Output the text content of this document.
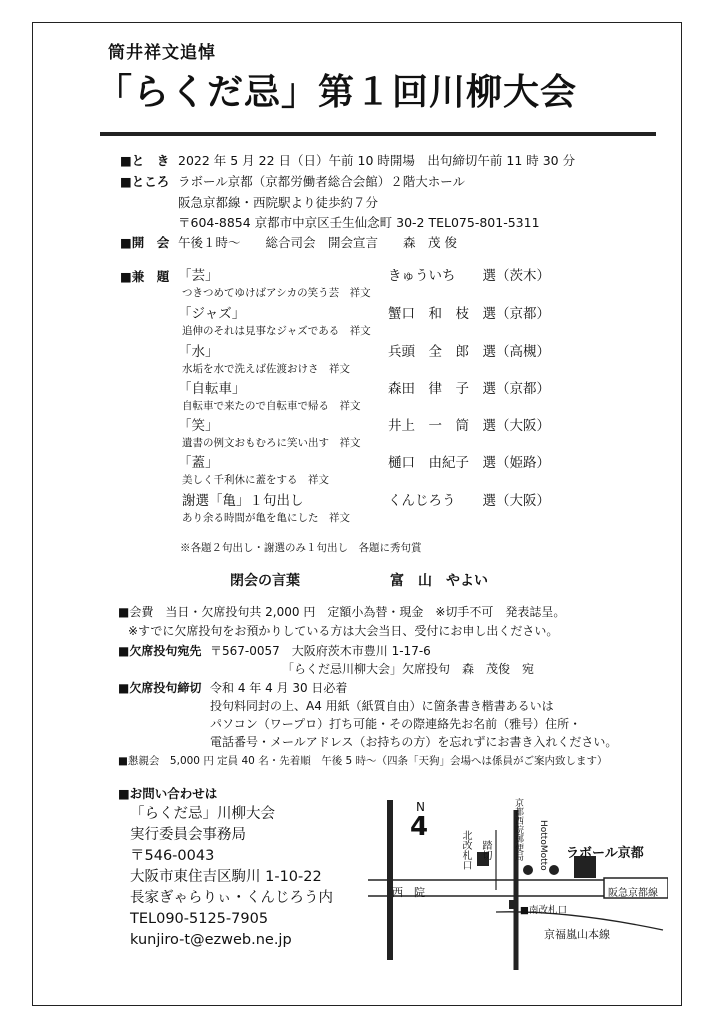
筒井祥文追悼
「らくだ忌」第１回川柳大会
■と　き 2022 年 5 月 22 日（日）午前 10 時開場　出句締切午前 11 時 30 分
■ところ ラボール京都（京都労働者総合会館）２階大ホール
阪急京都線・西院駅より徒歩約７分
〒604-8854 京都市中京区壬生仙念町 30-2 TEL075-801-5311
■開　会 午後１時〜　　総合司会　開会宣言　　森　茂 俊
■兼　題 「芸」	きゅういち　　選（茨木）
つきつめてゆけばアシカの笑う芸　祥文
「ジャズ」	蟹口　和　枝　選（京都）
追伸のそれは見事なジャズである　祥文
「水」	兵頭　全　郎　選（高槻）
水垢を水で洗えば佐渡おけさ　祥文
「自転車」	森田　律　子　選（京都）
自転車で来たので自転車で帰る　祥文
「笑」	井上　一　筒　選（大阪）
遺書の例文おもむろに笑い出す　祥文
「蓋」	樋口　由紀子　選（姫路）
美しく千利休に蓋をする　祥文
謝選「亀」１句出し	くんじろう　　選（大阪）
あり余る時間が亀を亀にした　祥文
※各題２句出し・謝選のみ１句出し　各題に秀句賞
閉会の言葉	富　山　やよい
■会費　当日・欠席投句共 2,000 円　定額小為替・現金　※切手不可　発表誌呈。
※すでに欠席投句をお預かりしている方は大会当日、受付にお申し出ください。
■欠席投句宛先 〒567-0057　大阪府茨木市豊川 1-17-6
「らくだ忌川柳大会」欠席投句　森　茂俊　宛
■欠席投句締切 令和 4 年 4 月 30 日必着
投句料同封の上、A4 用紙（紙質自由）に箇条書き楷書あるいは
パソコン（ワープロ）打ち可能・その際連絡先お名前（雅号）住所・
電話番号・メールアドレス（お持ちの方）を忘れずにお書き入れください。
■懇親会　5,000 円 定員 40 名・先着順　午後 5 時〜（四条「天狗」会場へは係員がご案内致します）
■お問い合わせは
「らくだ忌」川柳大会
実行委員会事務局
〒546-0043
大阪市東住吉区駒川 1-10-22
長家ぎゃらりぃ・くんじろう内
TEL090-5125-7905
kunjiro-t@ezweb.ne.jp
N
4
北改札口 踏切 京都西院郵便局 HottoMotto ラボール京都
西　院	阪急京都線
■南改札口
京福嵐山本線
